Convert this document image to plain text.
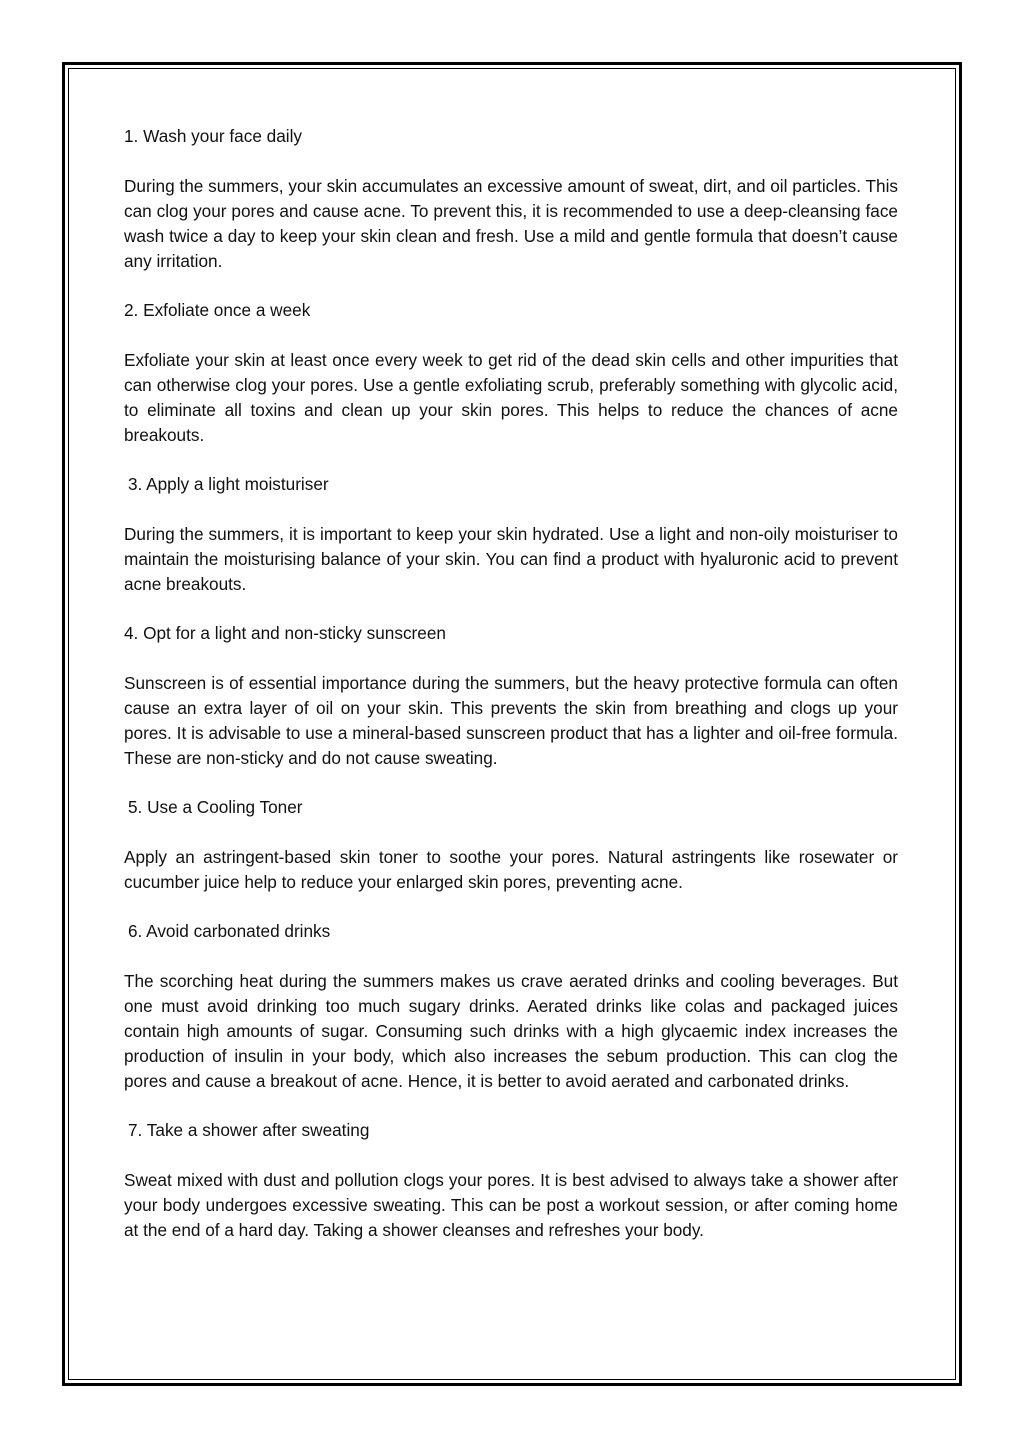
1. Wash your face daily

During the summers, your skin accumulates an excessive amount of sweat, dirt, and oil particles. This can clog your pores and cause acne. To prevent this, it is recommended to use a deep-cleansing face wash twice a day to keep your skin clean and fresh. Use a mild and gentle formula that doesn’t cause any irritation.

2. Exfoliate once a week

Exfoliate your skin at least once every week to get rid of the dead skin cells and other impurities that can otherwise clog your pores. Use a gentle exfoliating scrub, preferably something with glycolic acid, to eliminate all toxins and clean up your skin pores. This helps to reduce the chances of acne breakouts.

3. Apply a light moisturiser

During the summers, it is important to keep your skin hydrated. Use a light and non-oily moisturiser to maintain the moisturising balance of your skin. You can find a product with hyaluronic acid to prevent acne breakouts.

4. Opt for a light and non-sticky sunscreen

Sunscreen is of essential importance during the summers, but the heavy protective formula can often cause an extra layer of oil on your skin. This prevents the skin from breathing and clogs up your pores. It is advisable to use a mineral-based sunscreen product that has a lighter and oil-free formula. These are non-sticky and do not cause sweating.

5. Use a Cooling Toner

Apply an astringent-based skin toner to soothe your pores. Natural astringents like rosewater or cucumber juice help to reduce your enlarged skin pores, preventing acne.

6. Avoid carbonated drinks

The scorching heat during the summers makes us crave aerated drinks and cooling beverages. But one must avoid drinking too much sugary drinks. Aerated drinks like colas and packaged juices contain high amounts of sugar. Consuming such drinks with a high glycaemic index increases the production of insulin in your body, which also increases the sebum production. This can clog the pores and cause a breakout of acne. Hence, it is better to avoid aerated and carbonated drinks.

7. Take a shower after sweating

Sweat mixed with dust and pollution clogs your pores. It is best advised to always take a shower after your body undergoes excessive sweating. This can be post a workout session, or after coming home at the end of a hard day. Taking a shower cleanses and refreshes your body.
